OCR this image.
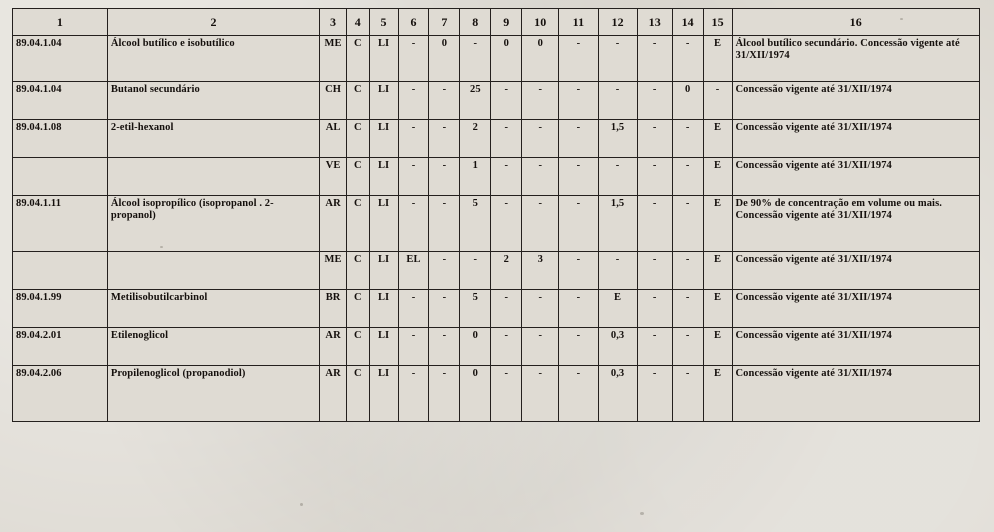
1	2	3	4	5	6	7	8	9	10	11	12	13	14	15	16
89.04.1.04	Álcool butílico e isobutílico	ME	C	LI	-	0	-	0	0	-	-	-	-	E	Álcool butílico secundário. Concessão vigente até 31/XII/1974
89.04.1.04	Butanol secundário	CH	C	LI	-	-	25	-	-	-	-	-	0	-	Concessão vigente até 31/XII/1974
89.04.1.08	2-etil-hexanol	AL	C	LI	-	-	2	-	-	-	1,5	-	-	E	Concessão vigente até 31/XII/1974
		VE	C	LI	-	-	1	-	-	-	-	-	-	E	Concessão vigente até 31/XII/1974
89.04.1.11	Álcool isopropílico (isopropanol . 2-propanol)	AR	C	LI	-	-	5	-	-	-	1,5	-	-	E	De 90% de concentração em volume ou mais. Concessão vigente até 31/XII/1974
		ME	C	LI	EL	-	-	2	3	-	-	-	-	E	Concessão vigente até 31/XII/1974
89.04.1.99	Metilisobutilcarbinol	BR	C	LI	-	-	5	-	-	-	E	-	-	E	Concessão vigente até 31/XII/1974
89.04.2.01	Etilenoglicol	AR	C	LI	-	-	0	-	-	-	0,3	-	-	E	Concessão vigente até 31/XII/1974
89.04.2.06	Propilenoglicol (propanodiol)	AR	C	LI	-	-	0	-	-	-	0,3	-	-	E	Concessão vigente até 31/XII/1974
